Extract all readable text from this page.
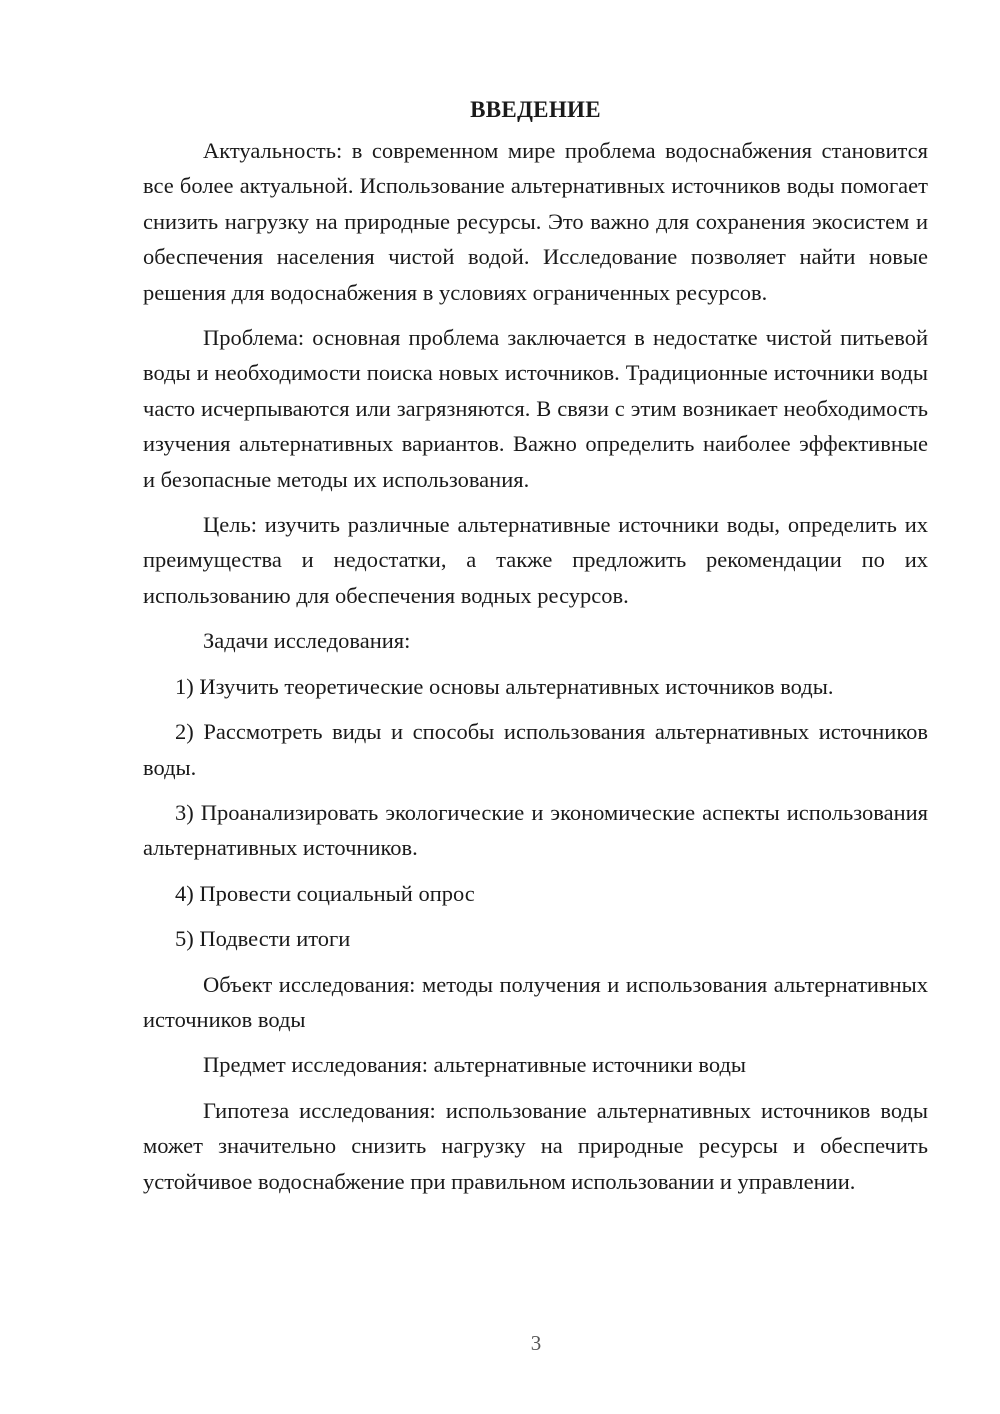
ВВЕДЕНИЕ

Актуальность: в современном мире проблема водоснабжения становится все более актуальной. Использование альтернативных источников воды помогает снизить нагрузку на природные ресурсы. Это важно для сохранения экосистем и обеспечения населения чистой водой. Исследование позволяет найти новые решения для водоснабжения в условиях ограниченных ресурсов.

Проблема: основная проблема заключается в недостатке чистой питьевой воды и необходимости поиска новых источников. Традиционные источники воды часто исчерпываются или загрязняются. В связи с этим возникает необходимость изучения альтернативных вариантов. Важно определить наиболее эффективные и безопасные методы их использования.

Цель: изучить различные альтернативные источники воды, определить их преимущества и недостатки, а также предложить рекомендации по их использованию для обеспечения водных ресурсов.

Задачи исследования:

1) Изучить теоретические основы альтернативных источников воды.

2) Рассмотреть виды и способы использования альтернативных источников воды.

3) Проанализировать экологические и экономические аспекты использования альтернативных источников.

4) Провести социальный опрос

5) Подвести итоги

Объект исследования: методы получения и использования альтернативных источников воды

Предмет исследования: альтернативные источники воды

Гипотеза исследования: использование альтернативных источников воды может значительно снизить нагрузку на природные ресурсы и обеспечить устойчивое водоснабжение при правильном использовании и управлении.

3
